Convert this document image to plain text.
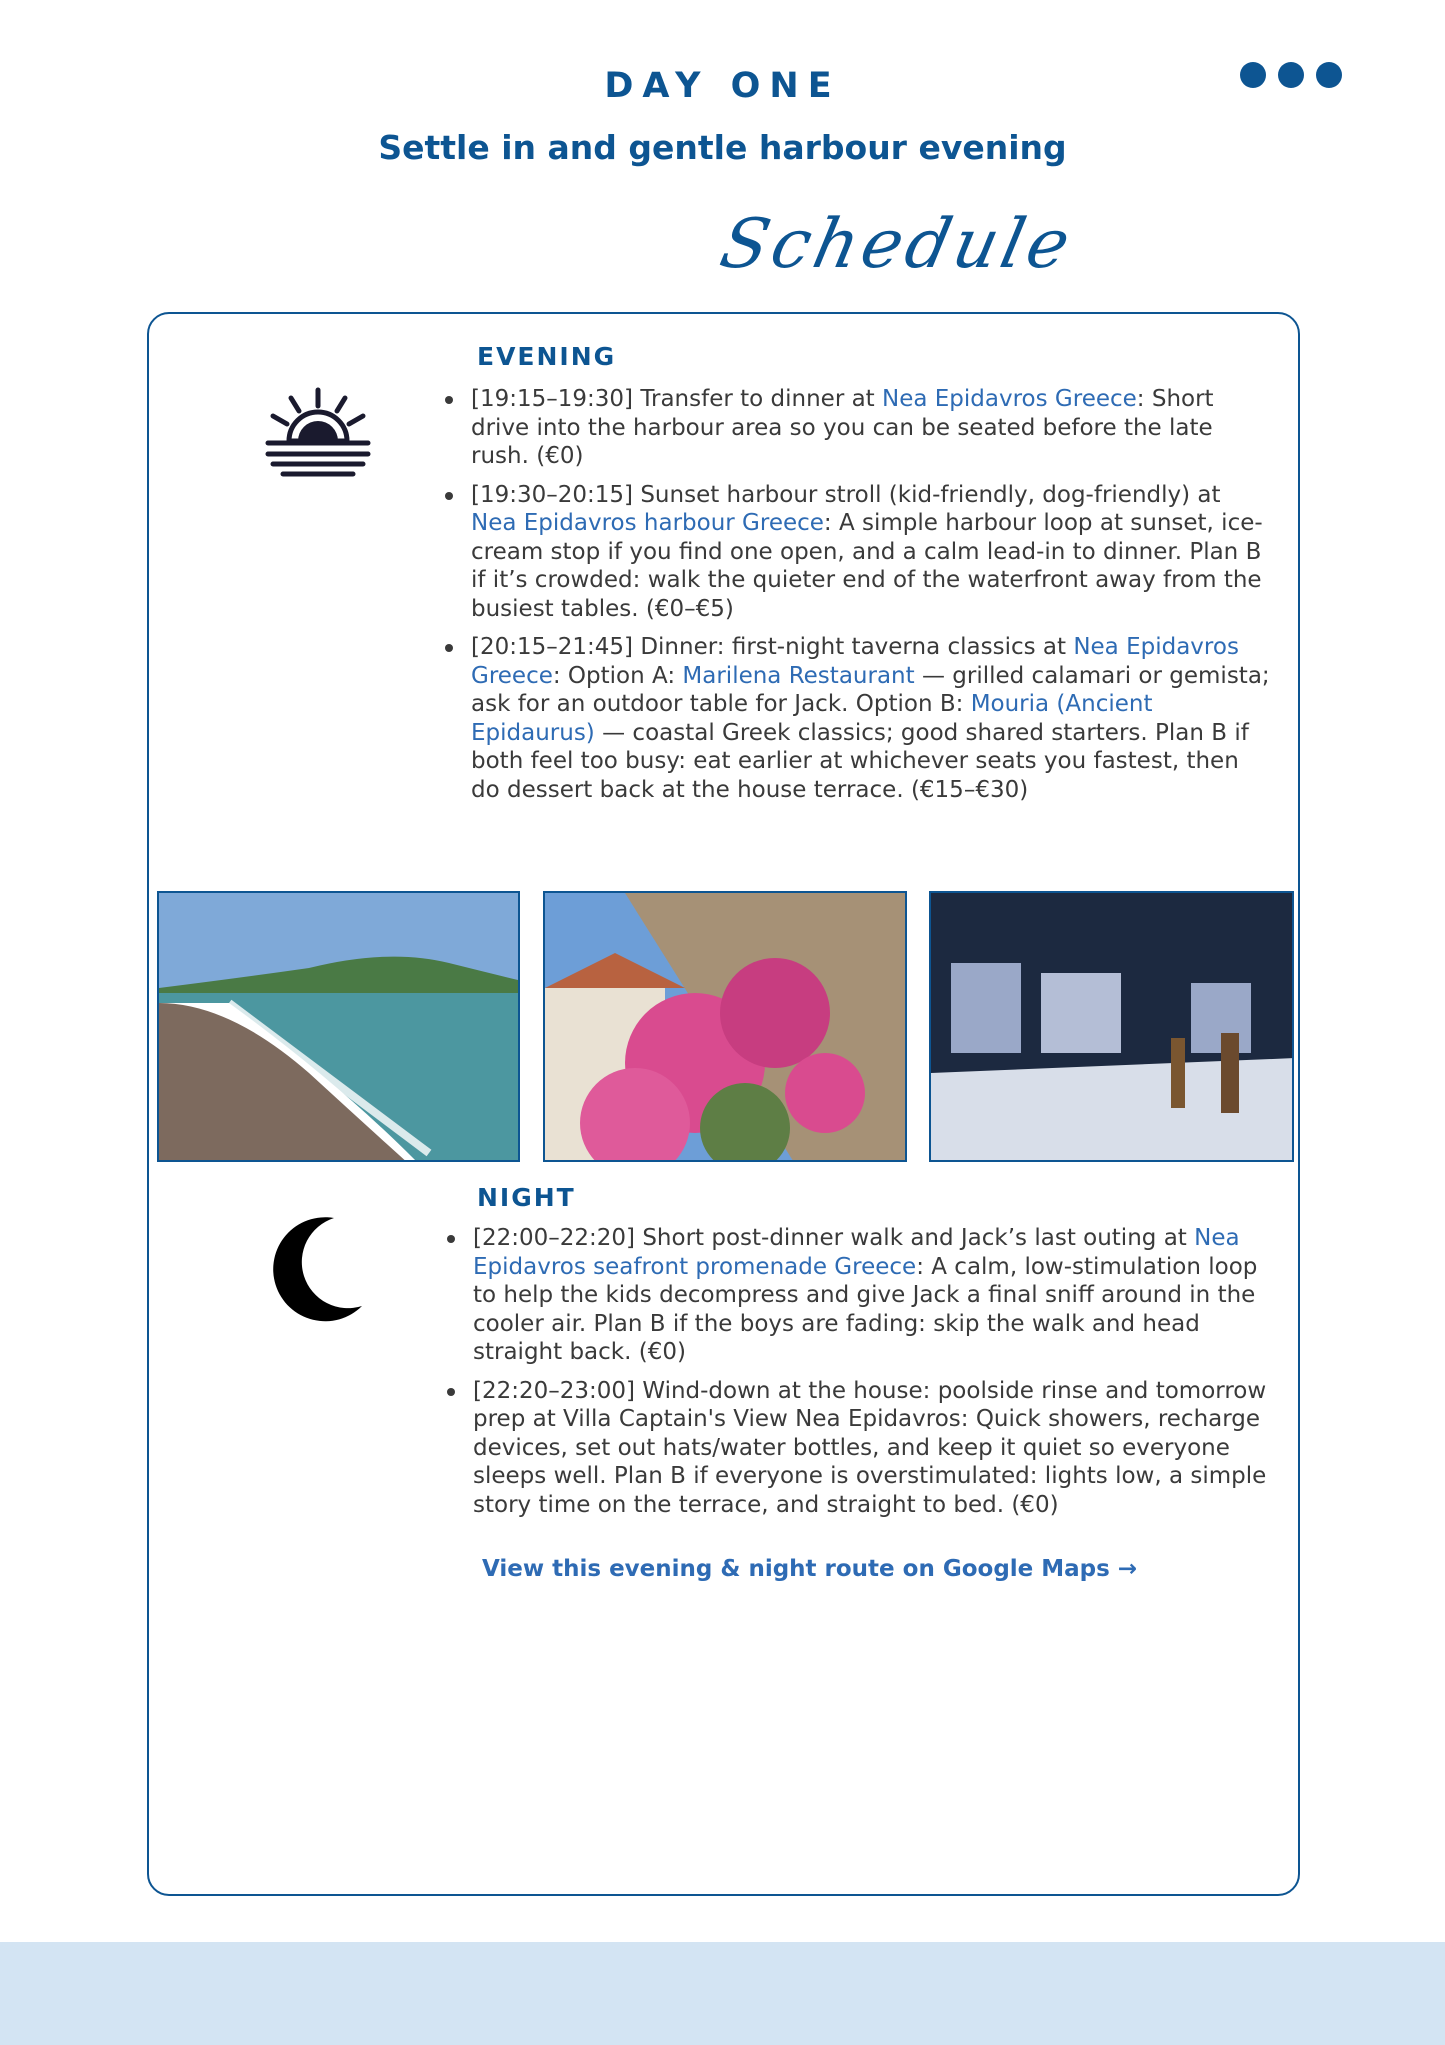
DAY ONE
Settle in and gentle harbour evening
Schedule
EVENING
[19:15–19:30] Transfer to dinner at Nea Epidavros Greece: Short drive into the harbour area so you can be seated before the late rush. (€0)
[19:30–20:15] Sunset harbour stroll (kid-friendly, dog-friendly) at Nea Epidavros harbour Greece: A simple harbour loop at sunset, ice-cream stop if you find one open, and a calm lead-in to dinner. Plan B if it’s crowded: walk the quieter end of the waterfront away from the busiest tables. (€0–€5)
[20:15–21:45] Dinner: first-night taverna classics at Nea Epidavros Greece: Option A: Marilena Restaurant — grilled calamari or gemista; ask for an outdoor table for Jack. Option B: Mouria (Ancient Epidaurus) — coastal Greek classics; good shared starters. Plan B if both feel too busy: eat earlier at whichever seats you fastest, then do dessert back at the house terrace. (€15–€30)
NIGHT
[22:00–22:20] Short post-dinner walk and Jack’s last outing at Nea Epidavros seafront promenade Greece: A calm, low-stimulation loop to help the kids decompress and give Jack a final sniff around in the cooler air. Plan B if the boys are fading: skip the walk and head straight back. (€0)
[22:20–23:00] Wind-down at the house: poolside rinse and tomorrow prep at Villa Captain's View Nea Epidavros: Quick showers, recharge devices, set out hats/water bottles, and keep it quiet so everyone sleeps well. Plan B if everyone is overstimulated: lights low, a simple story time on the terrace, and straight to bed. (€0)
View this evening & night route on Google Maps →
